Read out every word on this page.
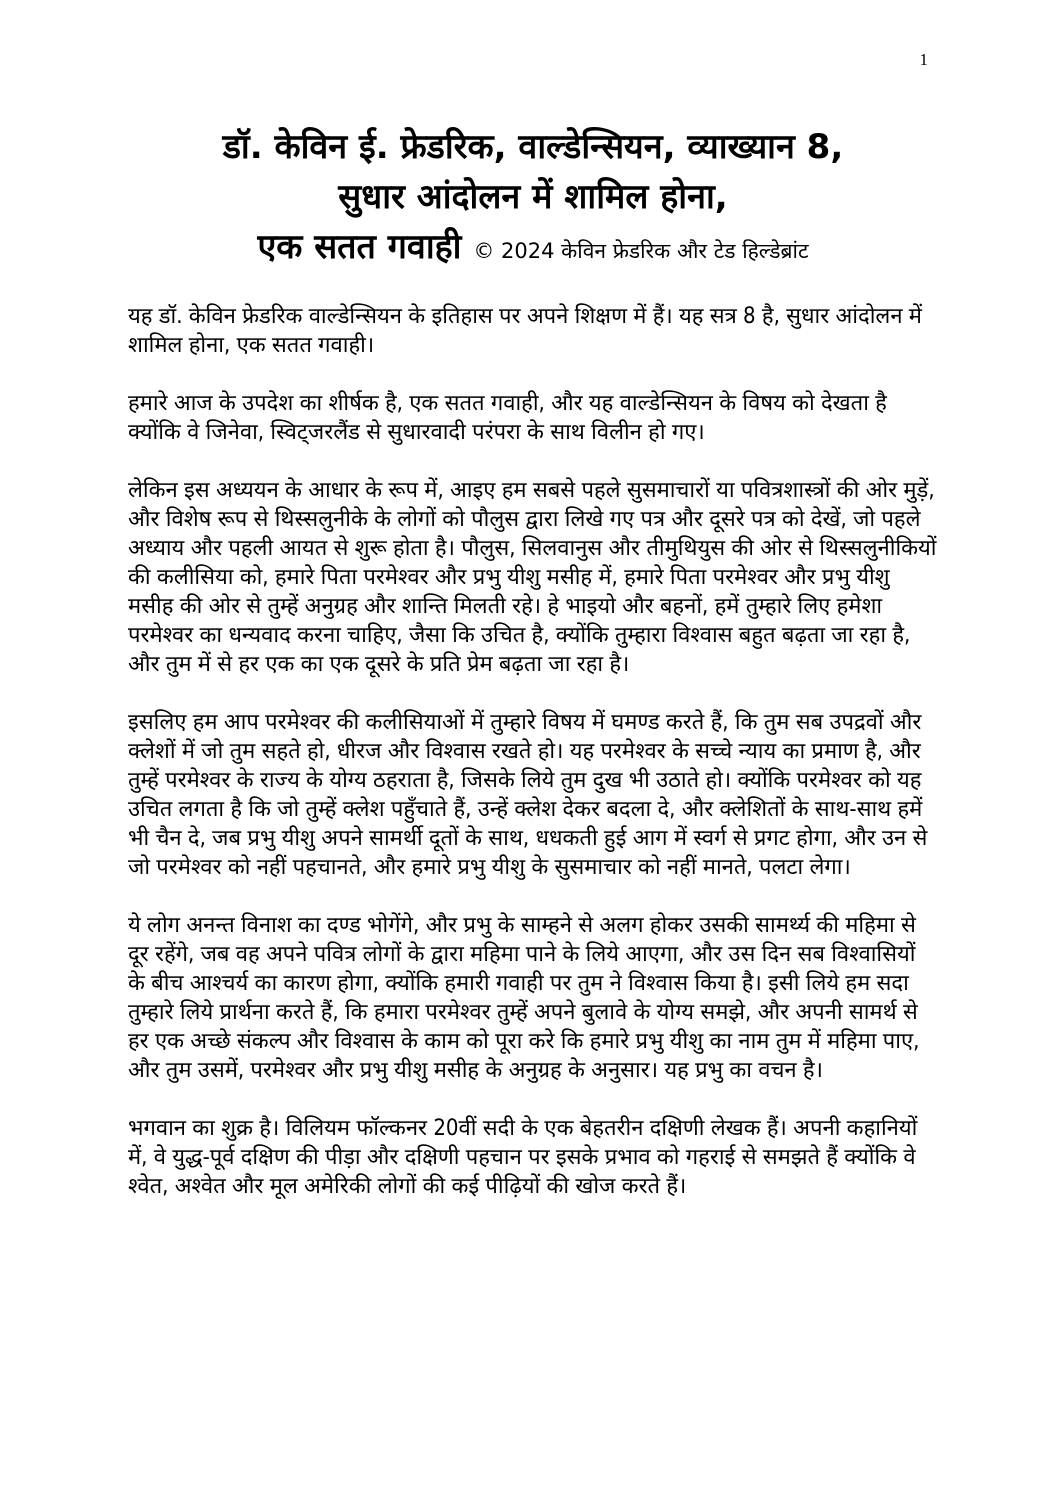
1
डॉ. केविन ई. फ्रेडरिक, वाल्डेन्सियन, व्याख्यान 8,
सुधार आंदोलन में शामिल होना,
एक सतत गवाही © 2024 केविन फ्रेडरिक और टेड हिल्डेब्रांट

यह डॉ. केविन फ्रेडरिक वाल्डेन्सियन के इतिहास पर अपने शिक्षण में हैं। यह सत्र 8 है, सुधार आंदोलन में शामिल होना, एक सतत गवाही।

हमारे आज के उपदेश का शीर्षक है, एक सतत गवाही, और यह वाल्डेन्सियन के विषय को देखता है क्योंकि वे जिनेवा, स्विट्जरलैंड से सुधारवादी परंपरा के साथ विलीन हो गए।

लेकिन इस अध्ययन के आधार के रूप में, आइए हम सबसे पहले सुसमाचारों या पवित्रशास्त्रों की ओर मुड़ें, और विशेष रूप से थिस्सलुनीके के लोगों को पौलुस द्वारा लिखे गए पत्र और दूसरे पत्र को देखें, जो पहले अध्याय और पहली आयत से शुरू होता है। पौलुस, सिलवानुस और तीमुथियुस की ओर से थिस्सलुनीकियों की कलीसिया को, हमारे पिता परमेश्वर और प्रभु यीशु मसीह में, हमारे पिता परमेश्वर और प्रभु यीशु मसीह की ओर से तुम्हें अनुग्रह और शान्ति मिलती रहे। हे भाइयो और बहनों, हमें तुम्हारे लिए हमेशा परमेश्वर का धन्यवाद करना चाहिए, जैसा कि उचित है, क्योंकि तुम्हारा विश्वास बहुत बढ़ता जा रहा है, और तुम में से हर एक का एक दूसरे के प्रति प्रेम बढ़ता जा रहा है।

इसलिए हम आप परमेश्वर की कलीसियाओं में तुम्हारे विषय में घमण्ड करते हैं, कि तुम सब उपद्रवों और क्लेशों में जो तुम सहते हो, धीरज और विश्वास रखते हो। यह परमेश्वर के सच्चे न्याय का प्रमाण है, और तुम्हें परमेश्वर के राज्य के योग्य ठहराता है, जिसके लिये तुम दुख भी उठाते हो। क्योंकि परमेश्वर को यह उचित लगता है कि जो तुम्हें क्लेश पहुँचाते हैं, उन्हें क्लेश देकर बदला दे, और क्लेशितों के साथ-साथ हमें भी चैन दे, जब प्रभु यीशु अपने सामर्थी दूतों के साथ, धधकती हुई आग में स्वर्ग से प्रगट होगा, और उन से जो परमेश्वर को नहीं पहचानते, और हमारे प्रभु यीशु के सुसमाचार को नहीं मानते, पलटा लेगा।

ये लोग अनन्त विनाश का दण्ड भोगेंगे, और प्रभु के साम्हने से अलग होकर उसकी सामर्थ्य की महिमा से दूर रहेंगे, जब वह अपने पवित्र लोगों के द्वारा महिमा पाने के लिये आएगा, और उस दिन सब विश्वासियों के बीच आश्चर्य का कारण होगा, क्योंकि हमारी गवाही पर तुम ने विश्वास किया है। इसी लिये हम सदा तुम्हारे लिये प्रार्थना करते हैं, कि हमारा परमेश्वर तुम्हें अपने बुलावे के योग्य समझे, और अपनी सामर्थ से हर एक अच्छे संकल्प और विश्वास के काम को पूरा करे कि हमारे प्रभु यीशु का नाम तुम में महिमा पाए, और तुम उसमें, परमेश्वर और प्रभु यीशु मसीह के अनुग्रह के अनुसार। यह प्रभु का वचन है।

भगवान का शुक्र है। विलियम फॉल्कनर 20वीं सदी के एक बेहतरीन दक्षिणी लेखक हैं। अपनी कहानियों में, वे युद्ध-पूर्व दक्षिण की पीड़ा और दक्षिणी पहचान पर इसके प्रभाव को गहराई से समझते हैं क्योंकि वे श्वेत, अश्वेत और मूल अमेरिकी लोगों की कई पीढ़ियों की खोज करते हैं।
